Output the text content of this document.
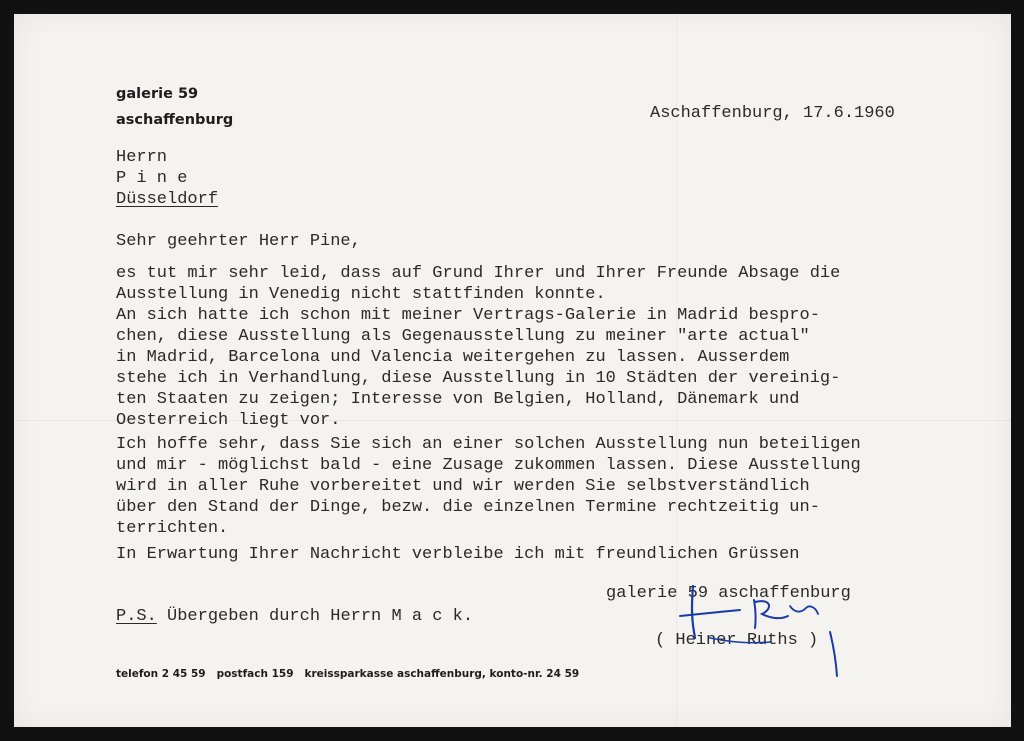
galerie 59
aschaffenburg	Aschaffenburg, 17.6.1960
Herrn
P i n e
Düsseldorf
Sehr geehrter Herr Pine,
es tut mir sehr leid, dass auf Grund Ihrer und Ihrer Freunde Absage die
Ausstellung in Venedig nicht stattfinden konnte.
An sich hatte ich schon mit meiner Vertrags-Galerie in Madrid bespro-
chen, diese Ausstellung als Gegenausstellung zu meiner "arte actual"
in Madrid, Barcelona und Valencia weitergehen zu lassen. Ausserdem
stehe ich in Verhandlung, diese Ausstellung in 10 Städten der vereinig-
ten Staaten zu zeigen; Interesse von Belgien, Holland, Dänemark und
Oesterreich liegt vor.
Ich hoffe sehr, dass Sie sich an einer solchen Ausstellung nun beteiligen
und mir - möglichst bald - eine Zusage zukommen lassen. Diese Ausstellung
wird in aller Ruhe vorbereitet und wir werden Sie selbstverständlich
über den Stand der Dinge, bezw. die einzelnen Termine rechtzeitig un-
terrichten.
In Erwartung Ihrer Nachricht verbleibe ich mit freundlichen Grüssen
galerie 59 aschaffenburg
( Heiner Ruths )
P.S. Übergeben durch Herrn M a c k.
telefon 2 45 59   postfach 159   kreissparkasse aschaffenburg, konto-nr. 24 59
